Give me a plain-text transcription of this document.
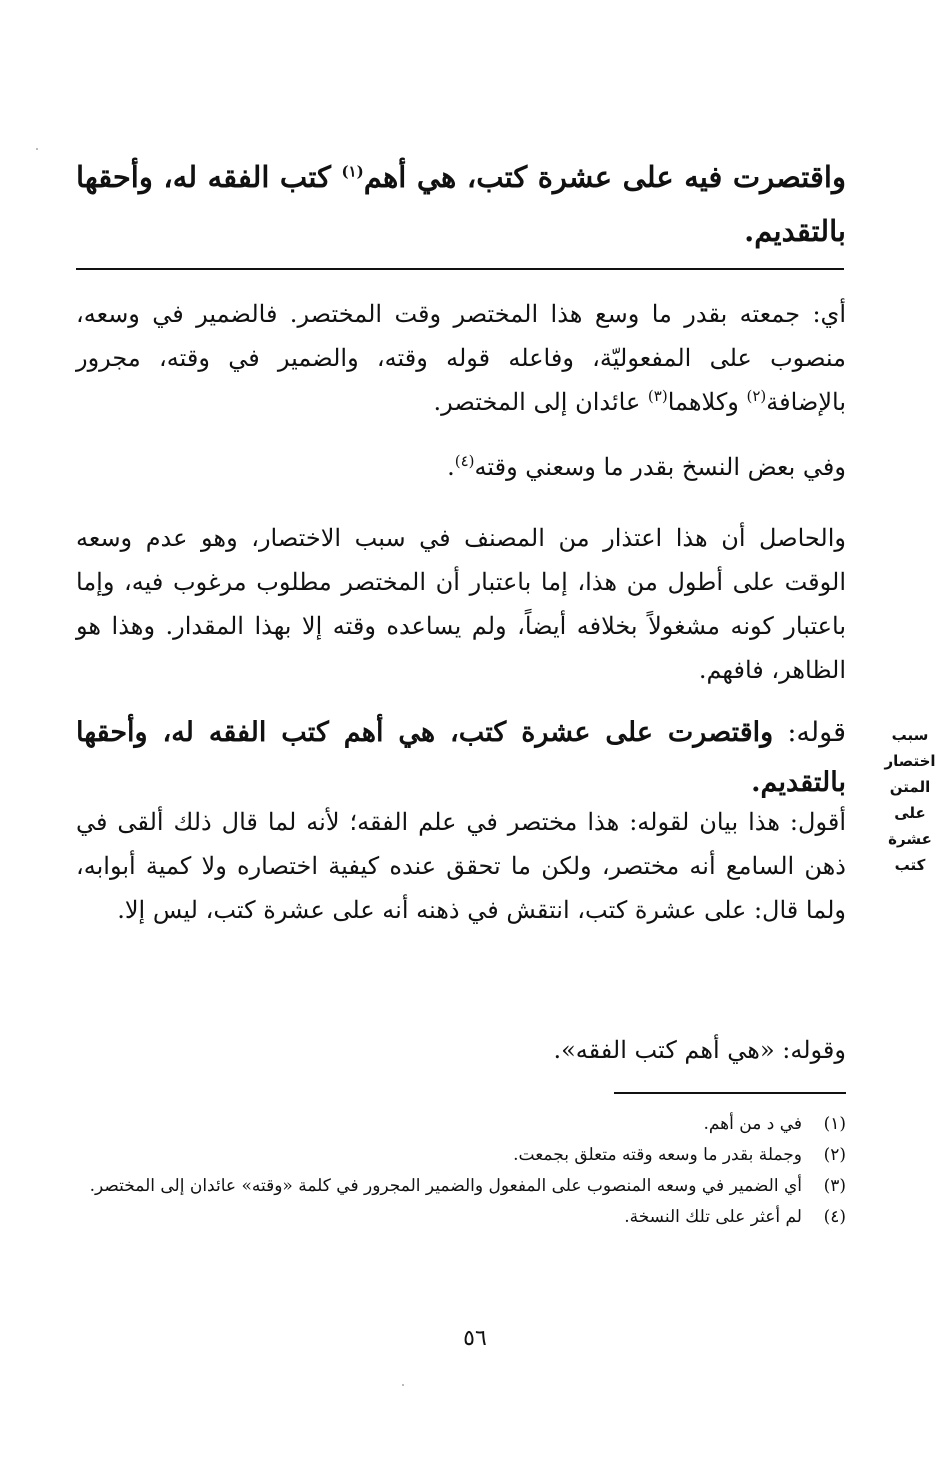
واقتصرت فيه على عشرة كتب، هي أهم$^{(١)}$ كتب الفقه له، وأحقها بالتقديم.
أي: جمعته بقدر ما وسع هذا المختصر وقت المختصر. فالضمير في وسعه، منصوب على المفعوليّة، وفاعله قوله وقته، والضمير في وقته، مجرور بالإضافة$^{(٢)}$ وكلاهما$^{(٣)}$ عائدان إلى المختصر.
وفي بعض النسخ بقدر ما وسعني وقته$^{(٤)}$.
والحاصل أن هذا اعتذار من المصنف في سبب الاختصار، وهو عدم وسعه الوقت على أطول من هذا، إما باعتبار أن المختصر مطلوب مرغوب فيه، وإما باعتبار كونه مشغولاً بخلافه أيضاً، ولم يساعده وقته إلا بهذا المقدار. وهذا هو الظاهر، فافهم.
قوله: واقتصرت على عشرة كتب، هي أهم كتب الفقه له، وأحقها بالتقديم.
سبب
اختصار
المتن
على
عشرة
كتب
أقول: هذا بيان لقوله: هذا مختصر في علم الفقه؛ لأنه لما قال ذلك ألقى في ذهن السامع أنه مختصر، ولكن ما تحقق عنده كيفية اختصاره ولا كمية أبوابه، ولما قال: على عشرة كتب، انتقش في ذهنه أنه على عشرة كتب، ليس إلا.
وقوله: «هي أهم كتب الفقه».
(١)
في د من أهم.
(٢)
وجملة بقدر ما وسعه وقته متعلق بجمعت.
(٣)
أي الضمير في وسعه المنصوب على المفعول والضمير المجرور في كلمة «وقته» عائدان إلى المختصر.
(٤)
لم أعثر على تلك النسخة.
٥٦
